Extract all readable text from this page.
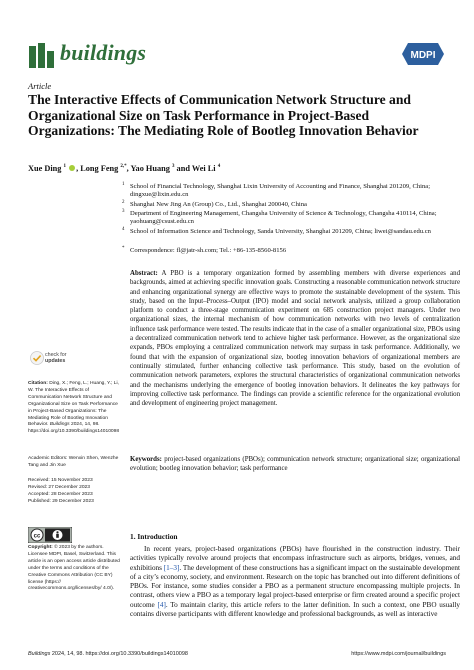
buildings	MDPI
Article
The Interactive Effects of Communication Network Structure and Organizational Size on Task Performance in Project-Based Organizations: The Mediating Role of Bootleg Innovation Behavior
Xue Ding $^1$ , Long Feng $^{2,*}$, Yao Huang $^3$ and Wei Li $^4$
1 School of Financial Technology, Shanghai Lixin University of Accounting and Finance, Shanghai 201209, China; dingxue@lixin.edu.cn
2 Shanghai New Jing An (Group) Co., Ltd., Shanghai 200040, China
3 Department of Engineering Management, Changsha University of Science & Technology, Changsha 410114, China; yaohuang@csust.edu.cn
4 School of Information Science and Technology, Sanda University, Shanghai 201209, China; liwei@sandau.edu.cn
* Correspondence: fl@jatr-sh.com; Tel.: +86-135-8560-8156

Abstract: A PBO is a temporary organization formed by assembling members with diverse experiences and backgrounds, aimed at achieving specific innovation goals. Constructing a reasonable communication network structure and enhancing organizational synergy are effective ways to promote the sustainable development of the system. This study, based on the Input–Process–Output (IPO) model and social network analysis, utilized a group collaboration platform to conduct a three-stage communication experiment on 685 construction project managers. Under two organizational sizes, the internal mechanism of how communication networks with two levels of centralization influence task performance were tested. The results indicate that in the case of a smaller organizational size, PBOs using a decentralized communication network tend to achieve higher task performance. However, as the organizational size expands, PBOs employing a centralized communication network may surpass in task performance. Additionally, we found that with the expansion of organizational size, bootleg innovation behaviors of organizational members are continually stimulated, further enhancing collective task performance. This study, based on the evolution of communication network parameters, explores the structural characteristics of organizational communication networks and the mechanisms underlying the emergence of bootleg innovation behaviors. It delineates the key pathways for improving collective task performance. The findings can provide a scientific reference for the organizational evolution and development of engineering project management.

Keywords: project-based organizations (PBOs); communication network structure; organizational size; organizational evolution; bootleg innovation behavior; task performance

check for
updates
Citation: Ding, X.; Feng, L.; Huang, Y.; Li, W. The Interactive Effects of Communication Network Structure and Organizational Size on Task Performance in Project-Based Organizations: The Mediating Role of Bootleg Innovation Behavior. Buildings 2024, 14, 98. https://doi.org/10.3390/buildings14010098
Academic Editors: Wenxin Shen, Wenzhe Tang and Jin Xue
Received: 15 November 2023
Revised: 27 December 2023
Accepted: 28 December 2023
Published: 29 December 2023
cc
Copyright: © 2023 by the authors. Licensee MDPI, Basel, Switzerland. This article is an open access article distributed under the terms and conditions of the Creative Commons Attribution (CC BY) license (https:// creativecommons.org/licenses/by/ 4.0/).
1. Introduction

In recent years, project-based organizations (PBOs) have flourished in the construction industry. Their activities typically revolve around projects that encompass infrastructure such as airports, bridges, venues, and exhibitions [1–3]. The development of these constructions has a significant impact on the sustainable development of a city’s economy, society, and environment. Research on the topic has branched out into different definitions of PBOs. For instance, some studies consider a PBO as a permanent structure encompassing multiple projects. In contrast, others view a PBO as a temporary legal project-based enterprise or firm created around a specific project outcome [4]. To maintain clarity, this article refers to the latter definition. In such a context, one PBO usually contains diverse participants with different knowledge and professional backgrounds, as well as interactive

Buildings 2024, 14, 98. https://doi.org/10.3390/buildings14010098	https://www.mdpi.com/journal/buildings
